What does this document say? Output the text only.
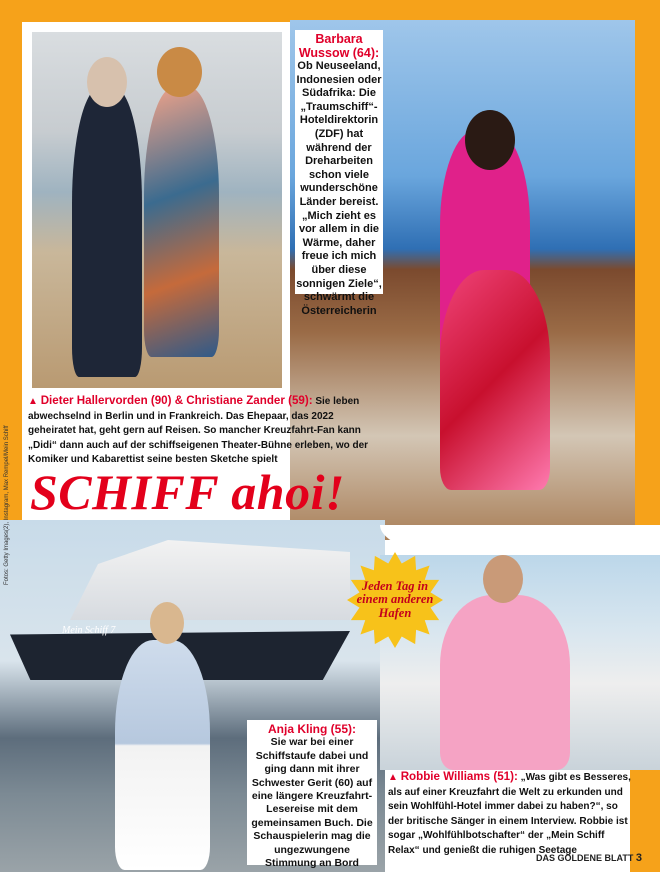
Barbara Wussow (64):
Ob Neuseeland, Indonesien oder Südafrika: Die „Traumschiff“-Hoteldirektorin (ZDF) hat während der Dreharbeiten schon viele wunderschöne Länder bereist. „Mich zieht es vor allem in die Wärme, daher freue ich mich über diese sonnigen Ziele“, schwärmt die Österreicherin
▲ Dieter Hallervorden (90) & Christiane Zander (59): Sie leben abwechselnd in Berlin und in Frankreich. Das Ehepaar, das 2022 geheiratet hat, geht gern auf Reisen. So mancher Kreuzfahrt-Fan kann „Didi“ dann auch auf der schiffseigenen Theater-Bühne erleben, wo der Komiker und Kabarettist seine besten Sketche spielt
SCHIFF ahoi!
Mein Schiff 7
Jeden Tag in einem anderen Hafen
Anja Kling (55):
Sie war bei einer Schiffstaufe dabei und ging dann mit ihrer Schwester Gerit (60) auf eine längere Kreuzfahrt-Lesereise mit dem gemeinsamen Buch. Die Schauspielerin mag die ungezwungene Stimmung an Bord
▲ Robbie Williams (51): „Was gibt es Besseres, als auf einer Kreuzfahrt die Welt zu erkunden und sein Wohlfühl-Hotel immer dabei zu haben?“, so der britische Sänger in einem Interview. Robbie ist sogar „Wohlfühlbotschafter“ der „Mein Schiff Relax“ und genießt die ruhigen Seetage
Fotos: Getty Images(2), Instagram, Max Rempel/Mein Schiff
DAS GOLDENE BLATT 3
